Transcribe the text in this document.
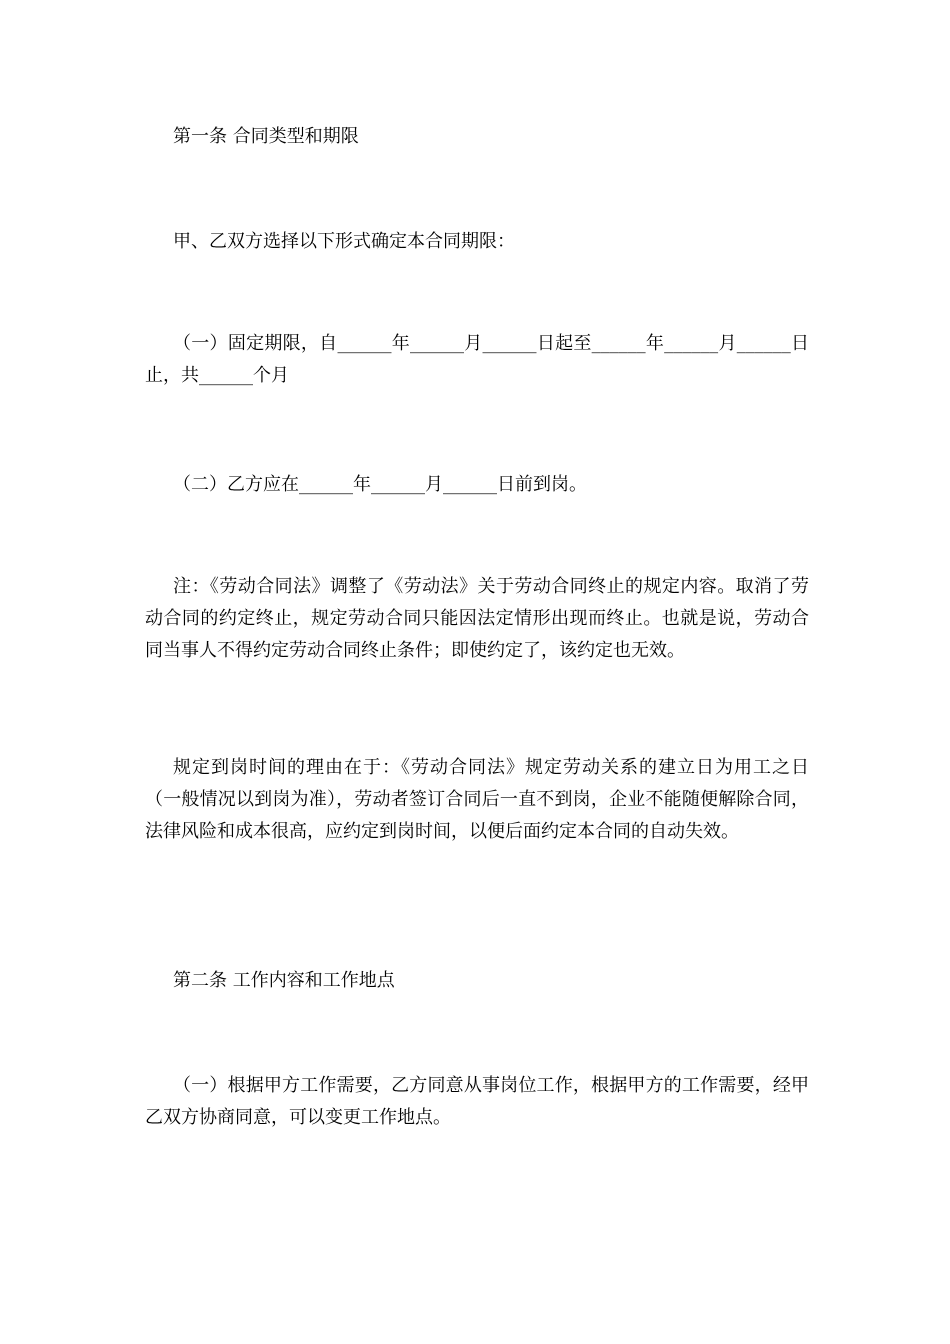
第一条 合同类型和期限

甲、乙双方选择以下形式确定本合同期限：

（一）固定期限，自______年______月______日起至______年______月______日止，共______个月

（二）乙方应在______年______月______日前到岗。

注：《劳动合同法》调整了《劳动法》关于劳动合同终止的规定内容。取消了劳动合同的约定终止，规定劳动合同只能因法定情形出现而终止。也就是说，劳动合同当事人不得约定劳动合同终止条件；即使约定了，该约定也无效。

规定到岗时间的理由在于：《劳动合同法》规定劳动关系的建立日为用工之日（一般情况以到岗为准），劳动者签订合同后一直不到岗，企业不能随便解除合同，法律风险和成本很高，应约定到岗时间，以便后面约定本合同的自动失效。

第二条 工作内容和工作地点

（一）根据甲方工作需要，乙方同意从事岗位工作，根据甲方的工作需要，经甲乙双方协商同意，可以变更工作地点。
